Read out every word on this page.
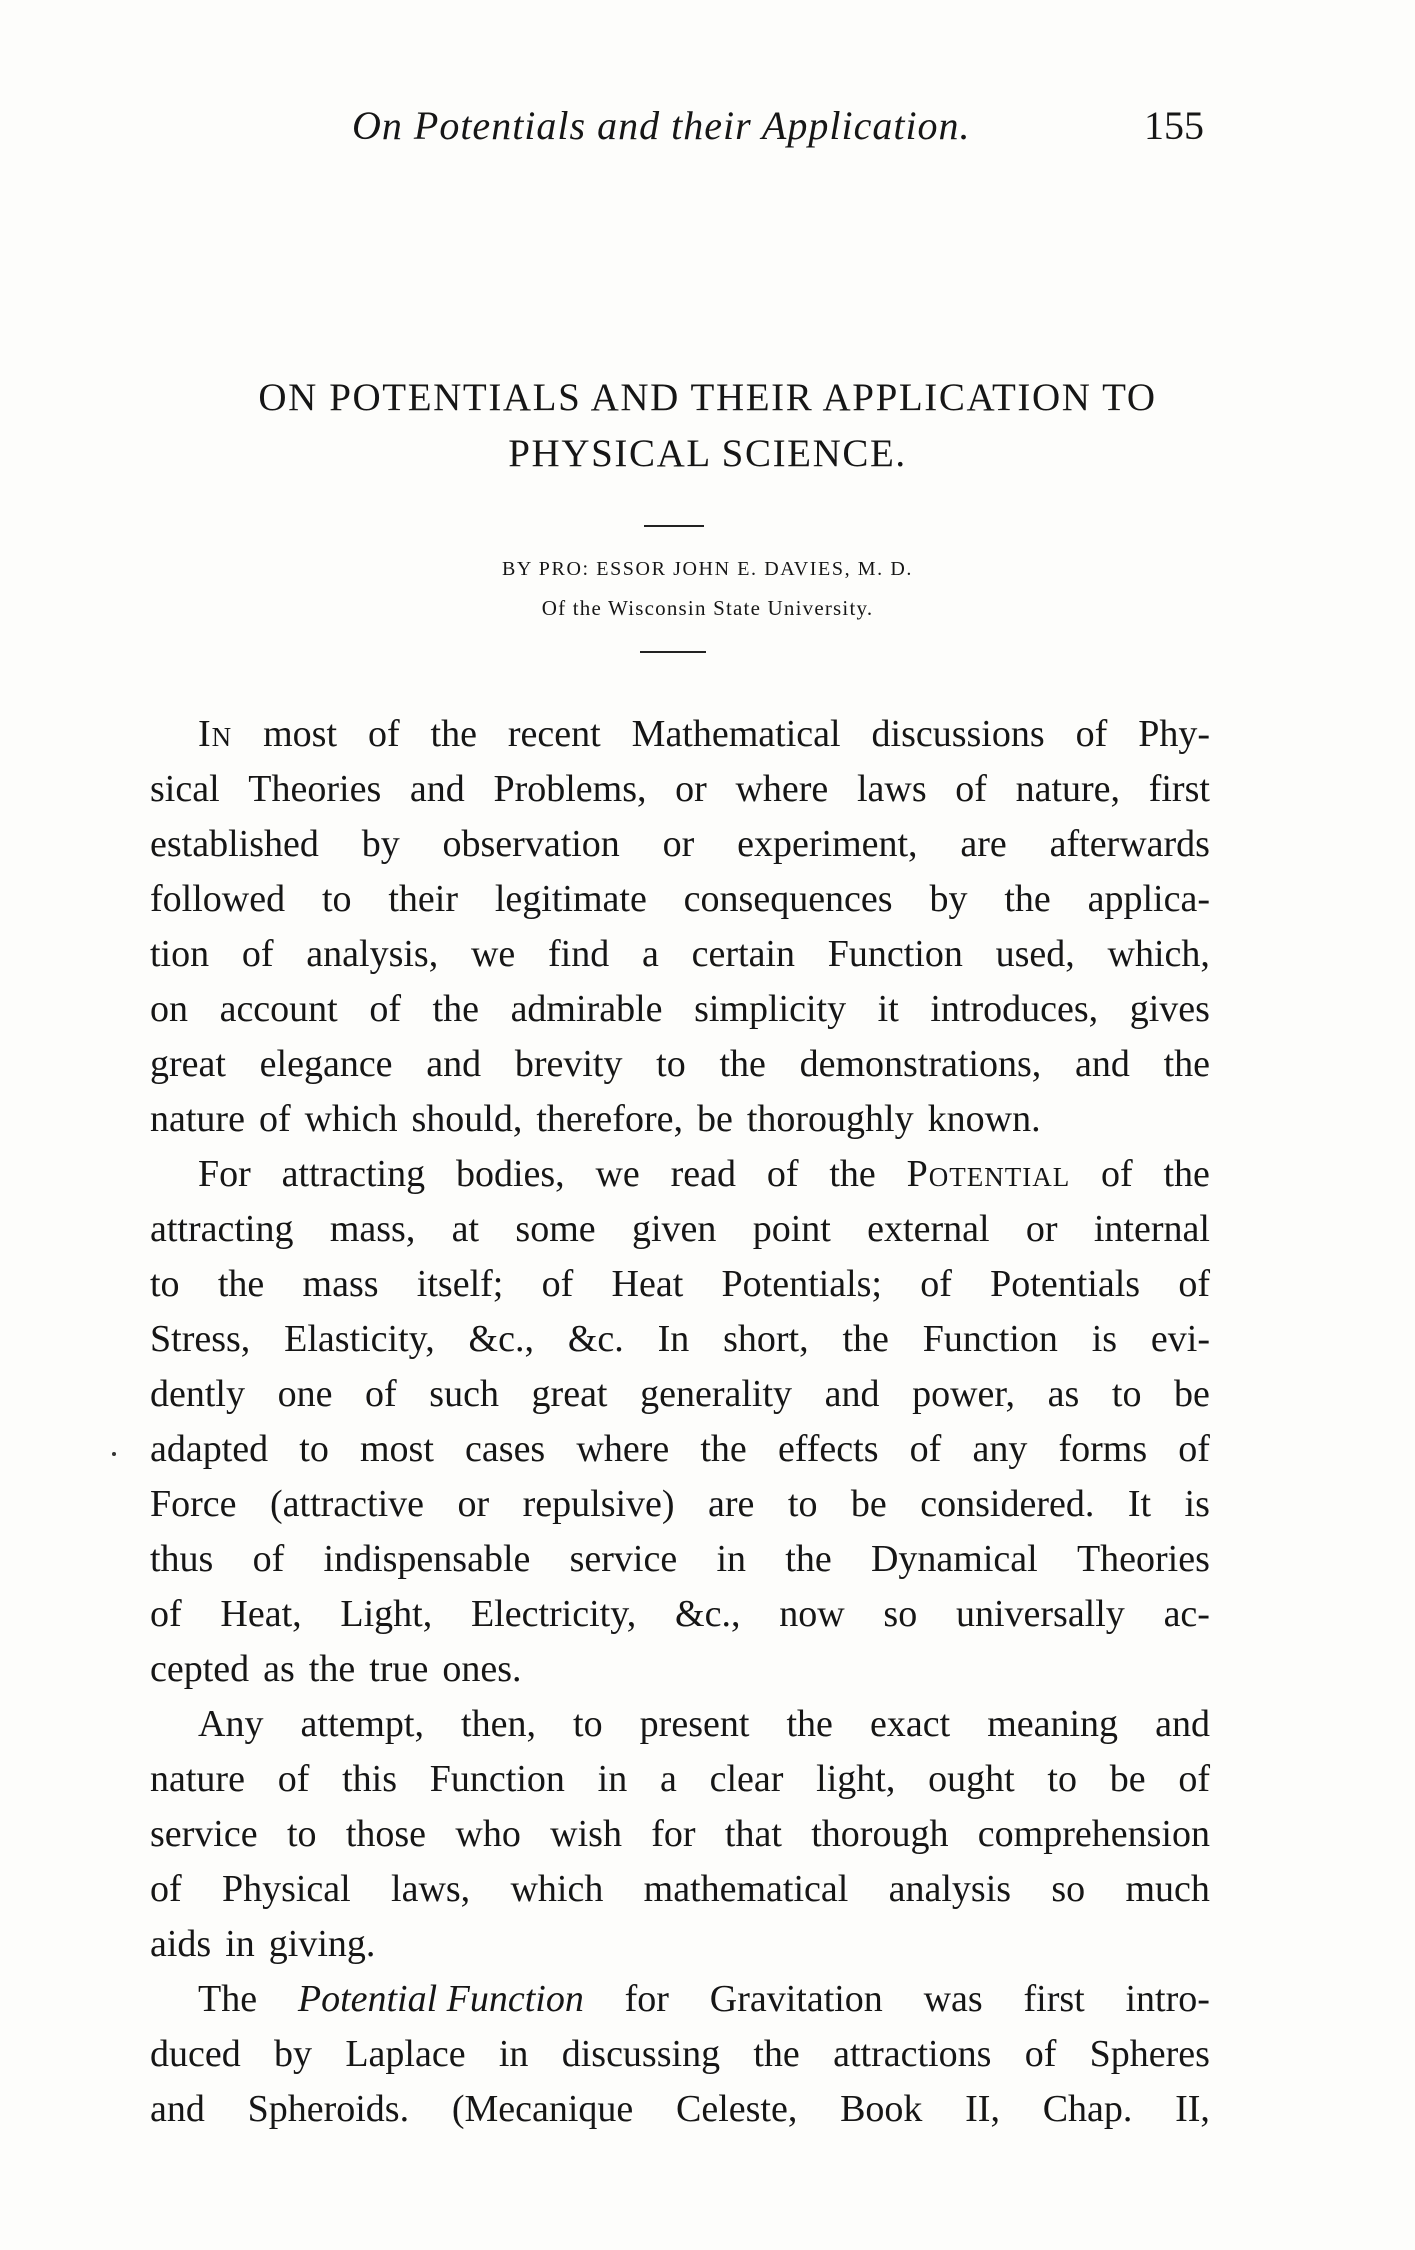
On Potentials and their Application.	155
ON POTENTIALS AND THEIR APPLICATION TO
PHYSICAL SCIENCE.
BY PRO: ESSOR JOHN E. DAVIES, M. D.
Of the Wisconsin State University.
In most of the recent Mathematical discussions of Phy-
sical Theories and Problems, or where laws of nature, first
established by observation or experiment, are afterwards
followed to their legitimate consequences by the applica-
tion of analysis, we find a certain Function used, which,
on account of the admirable simplicity it introduces, gives
great elegance and brevity to the demonstrations, and the
nature of which should, therefore, be thoroughly known.
For attracting bodies, we read of the Potential of the
attracting mass, at some given point external or internal
to the mass itself; of Heat Potentials; of Potentials of
Stress, Elasticity, &c., &c. In short, the Function is evi-
dently one of such great generality and power, as to be
adapted to most cases where the effects of any forms of
Force (attractive or repulsive) are to be considered. It is
thus of indispensable service in the Dynamical Theories
of Heat, Light, Electricity, &c., now so universally ac-
cepted as the true ones.
Any attempt, then, to present the exact meaning and
nature of this Function in a clear light, ought to be of
service to those who wish for that thorough comprehension
of Physical laws, which mathematical analysis so much
aids in giving.
The Potential Function for Gravitation was first intro-
duced by Laplace in discussing the attractions of Spheres
and Spheroids. (Mecanique Celeste, Book II, Chap. II,
